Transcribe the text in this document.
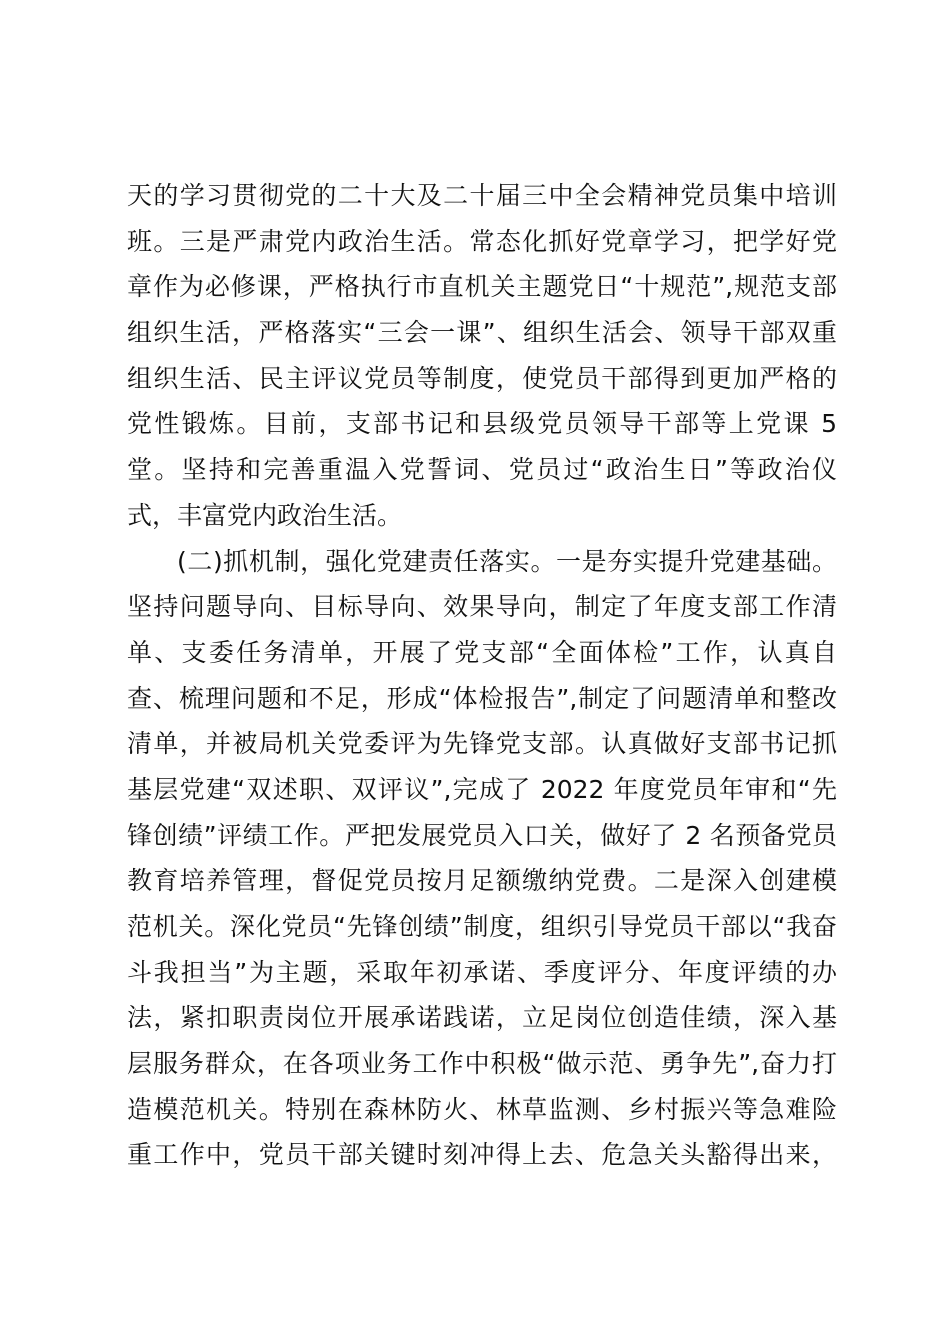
天的学习贯彻党的二十大及二十届三中全会精神党员集中培训
班。三是严肃党内政治生活。常态化抓好党章学习，把学好党
章作为必修课，严格执行市直机关主题党日“十规范”,规范支部
组织生活，严格落实“三会一课”、组织生活会、领导干部双重
组织生活、民主评议党员等制度，使党员干部得到更加严格的
党性锻炼。目前，支部书记和县级党员领导干部等上党课 5
堂。坚持和完善重温入党誓词、党员过“政治生日”等政治仪
式，丰富党内政治生活。
(二)抓机制，强化党建责任落实。一是夯实提升党建基础。
坚持问题导向、目标导向、效果导向，制定了年度支部工作清
单、支委任务清单，开展了党支部“全面体检”工作，认真自
查、梳理问题和不足，形成“体检报告”,制定了问题清单和整改
清单，并被局机关党委评为先锋党支部。认真做好支部书记抓
基层党建“双述职、双评议”,完成了 2022 年度党员年审和“先
锋创绩”评绩工作。严把发展党员入口关，做好了 2 名预备党员
教育培养管理，督促党员按月足额缴纳党费。二是深入创建模
范机关。深化党员“先锋创绩”制度，组织引导党员干部以“我奋
斗我担当”为主题，采取年初承诺、季度评分、年度评绩的办
法，紧扣职责岗位开展承诺践诺，立足岗位创造佳绩，深入基
层服务群众，在各项业务工作中积极“做示范、勇争先”,奋力打
造模范机关。特别在森林防火、林草监测、乡村振兴等急难险
重工作中，党员干部关键时刻冲得上去、危急关头豁得出来，
